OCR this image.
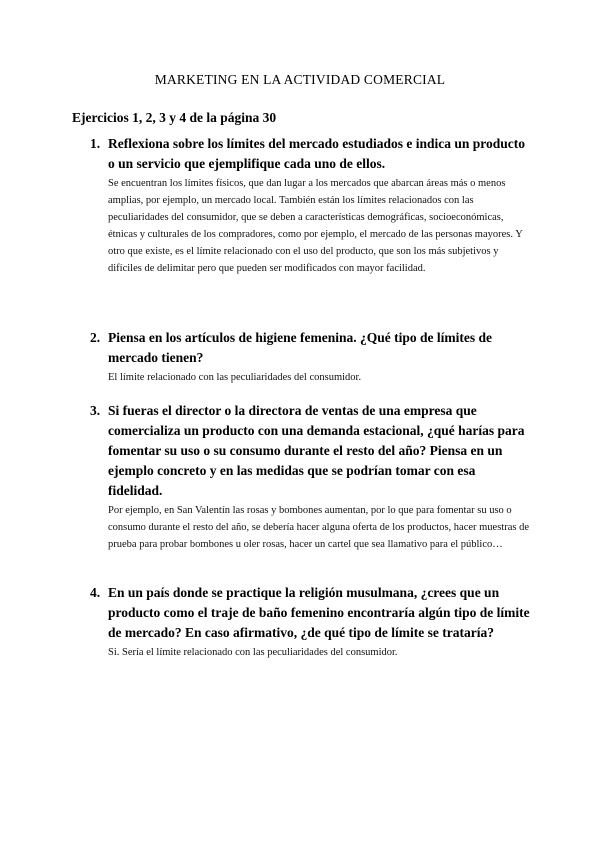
MARKETING EN LA ACTIVIDAD COMERCIAL
Ejercicios 1, 2, 3 y 4 de la página 30
1. Reflexiona sobre los límites del mercado estudiados e indica un producto o un servicio que ejemplifique cada uno de ellos.

Se encuentran los límites físicos, que dan lugar a los mercados que abarcan áreas más o menos amplias, por ejemplo, un mercado local. También están los límites relacionados con las peculiaridades del consumidor, que se deben a características demográficas, socioeconómicas, étnicas y culturales de los compradores, como por ejemplo, el mercado de las personas mayores. Y otro que existe, es el límite relacionado con el uso del producto, que son los más subjetivos y difíciles de delimitar pero que pueden ser modificados con mayor facilidad.

2. Piensa en los artículos de higiene femenina. ¿Qué tipo de límites de mercado tienen?

El límite relacionado con las peculiaridades del consumidor.

3. Si fueras el director o la directora de ventas de una empresa que comercializa un producto con una demanda estacional, ¿qué harías para fomentar su uso o su consumo durante el resto del año? Piensa en un ejemplo concreto y en las medidas que se podrían tomar con esa fidelidad.

Por ejemplo, en San Valentín las rosas y bombones aumentan, por lo que para fomentar su uso o consumo durante el resto del año, se debería hacer alguna oferta de los productos, hacer muestras de prueba para probar bombones u oler rosas, hacer un cartel que sea llamativo para el público…

4. En un país donde se practique la religión musulmana, ¿crees que un producto como el traje de baño femenino encontraría algún tipo de límite de mercado? En caso afirmativo, ¿de qué tipo de límite se trataría?

Si. Sería el límite relacionado con las peculiaridades del consumidor.
